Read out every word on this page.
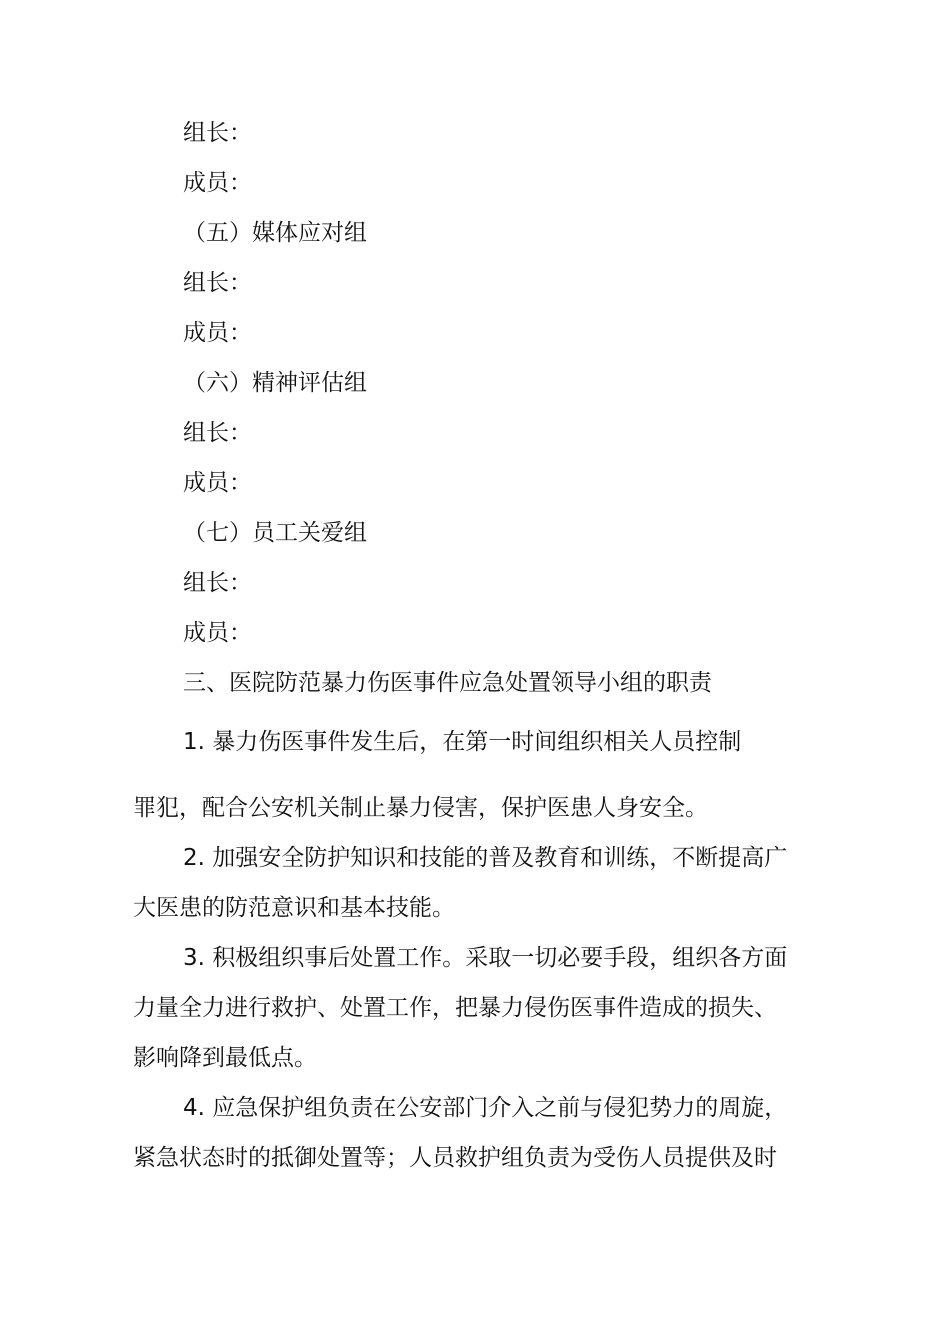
组长：
成员：
（五）媒体应对组
组长：
成员：
（六）精神评估组
组长：
成员：
（七）员工关爱组
组长：
成员：
三、医院防范暴力伤医事件应急处置领导小组的职责
1. 暴力伤医事件发生后，在第一时间组织相关人员控制
罪犯，配合公安机关制止暴力侵害，保护医患人身安全。
2. 加强安全防护知识和技能的普及教育和训练，不断提高广
大医患的防范意识和基本技能。
3. 积极组织事后处置工作。采取一切必要手段，组织各方面
力量全力进行救护、处置工作，把暴力侵伤医事件造成的损失、
影响降到最低点。
4. 应急保护组负责在公安部门介入之前与侵犯势力的周旋，
紧急状态时的抵御处置等；人员救护组负责为受伤人员提供及时
